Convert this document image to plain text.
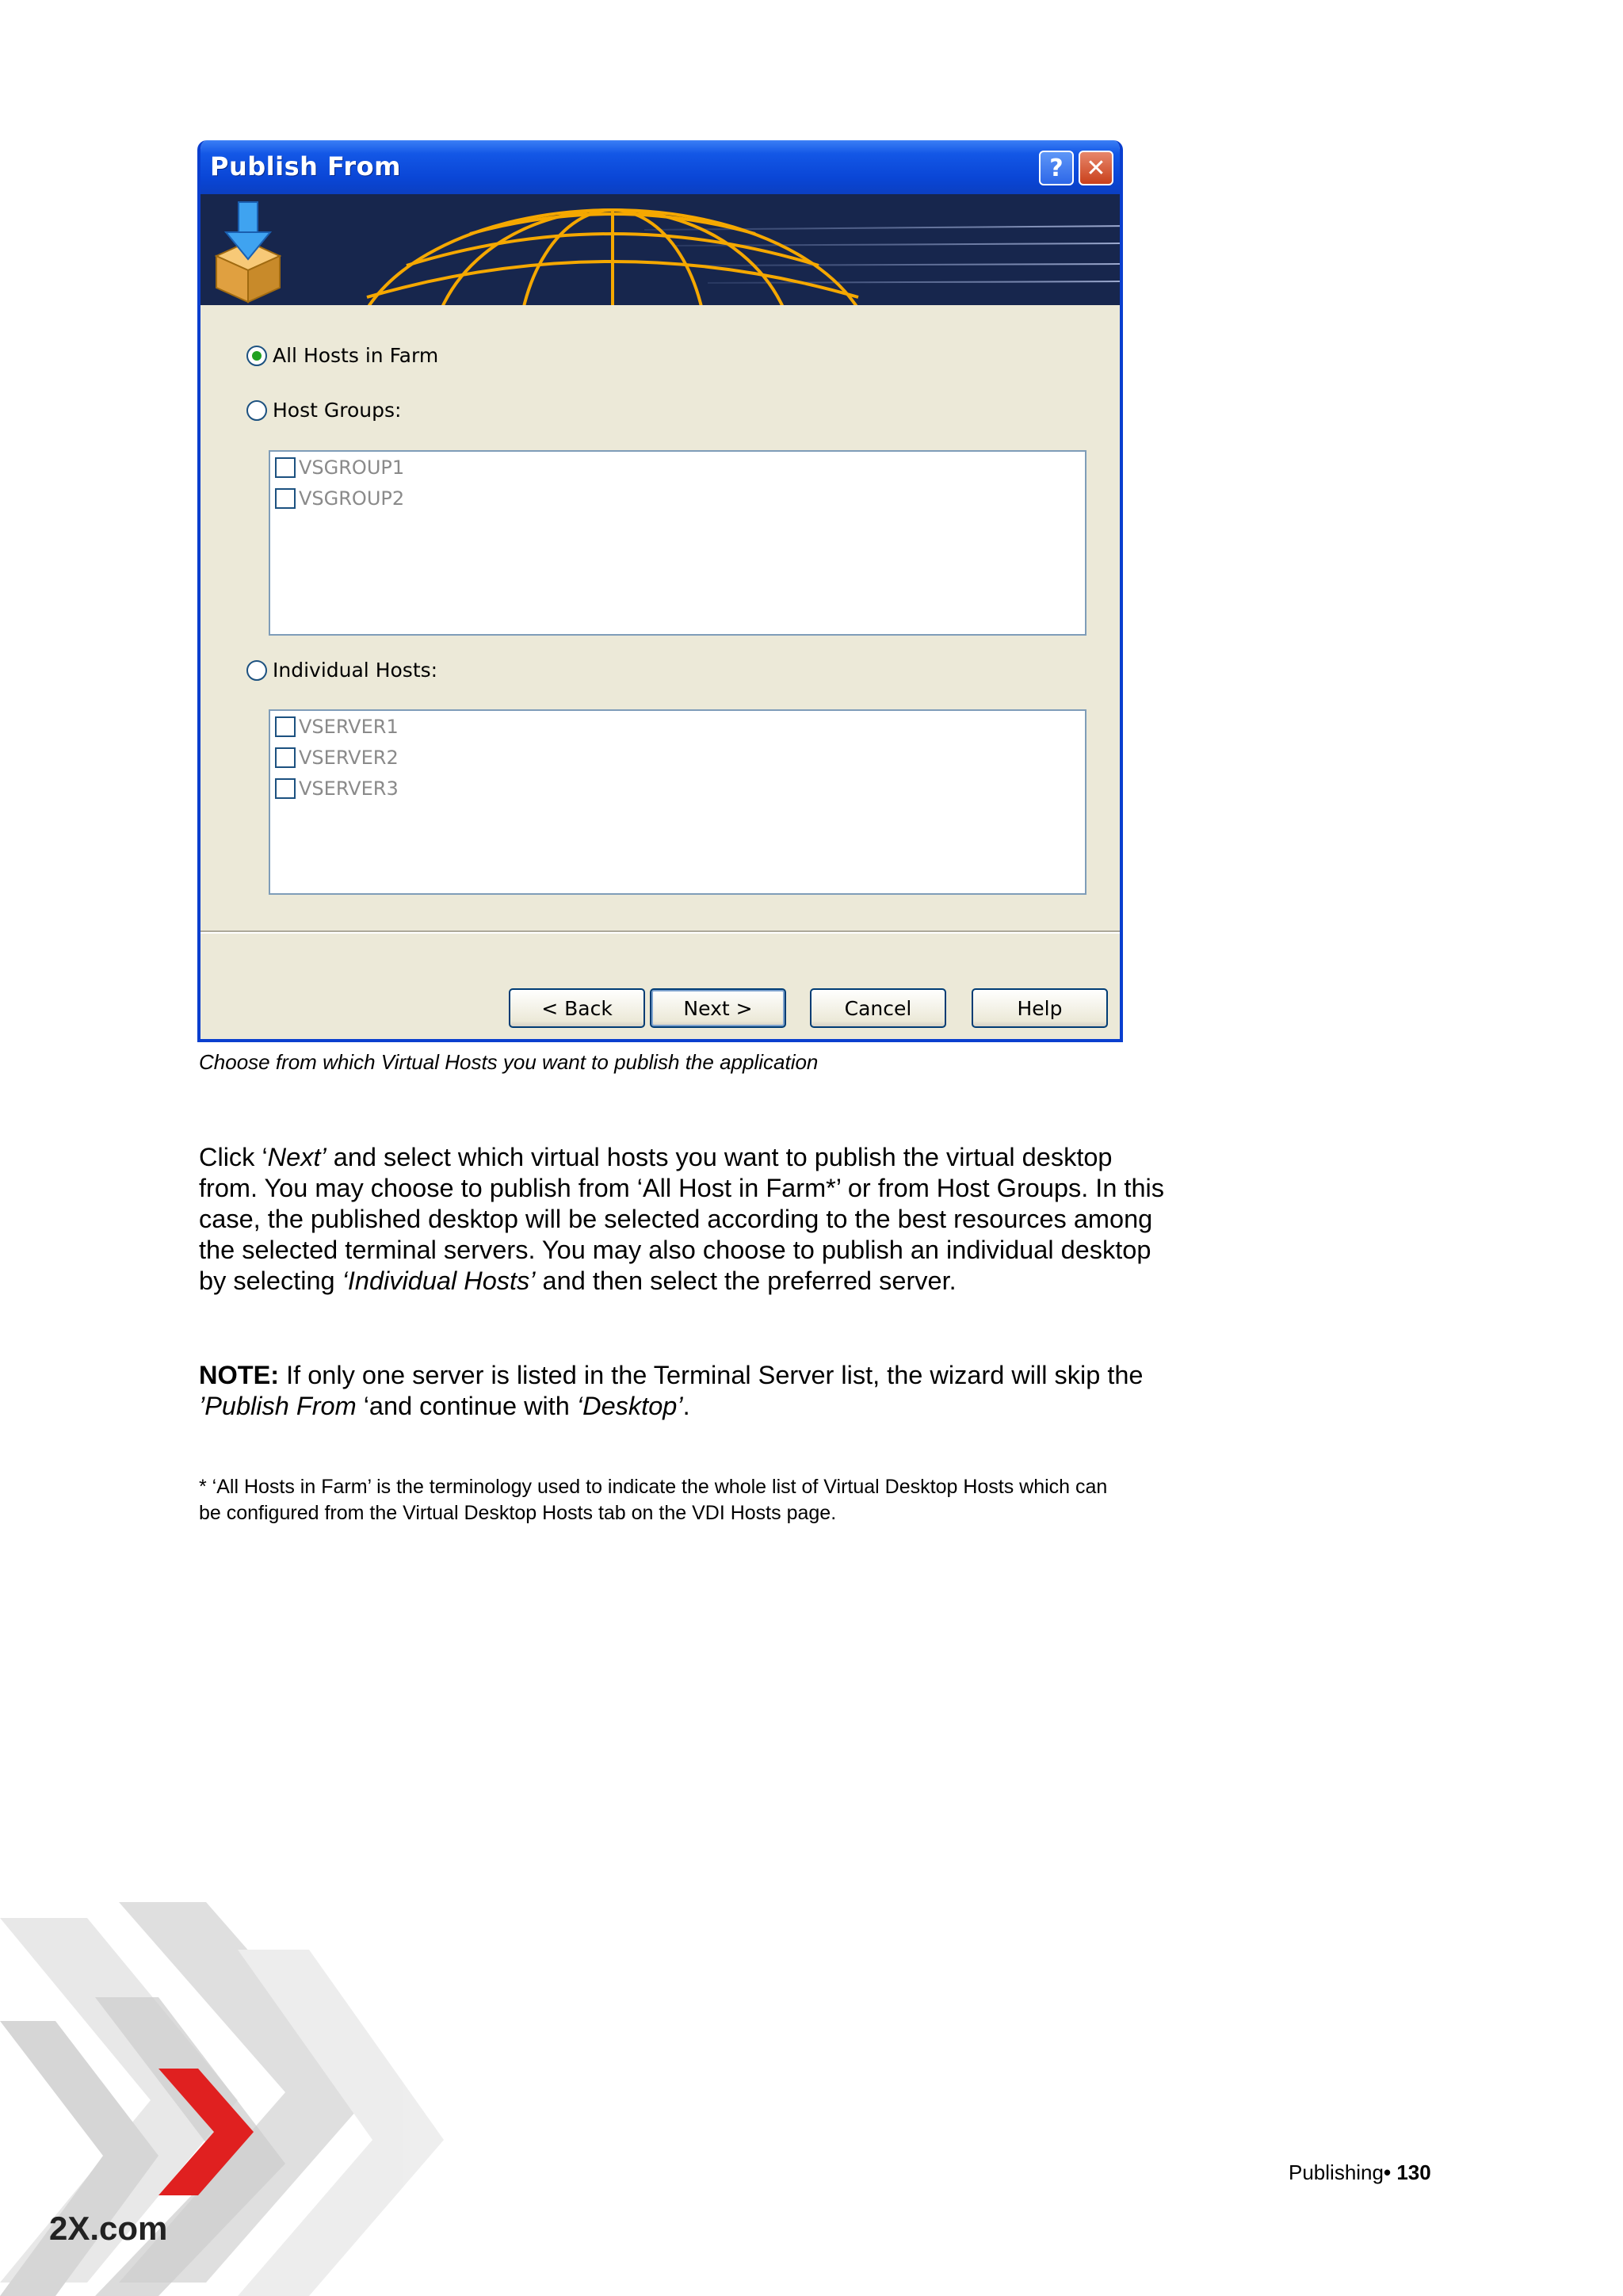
Publish From	? ✕
All Hosts in Farm
Host Groups:
VSGROUP1
VSGROUP2
Individual Hosts:
VSERVER1
VSERVER2
VSERVER3
< Back	Next >	Cancel	Help
Choose from which Virtual Hosts you want to publish the application
Click ‘Next’ and select which virtual hosts you want to publish the virtual desktop
from. You may choose to publish from ‘All Host in Farm*’ or from Host Groups. In this
case, the published desktop will be selected according to the best resources among
the selected terminal servers. You may also choose to publish an individual desktop
by selecting ‘Individual Hosts’ and then select the preferred server.
NOTE: If only one server is listed in the Terminal Server list, the wizard will skip the
’Publish From ‘and continue with ‘Desktop’.
* ‘All Hosts in Farm’ is the terminology used to indicate the whole list of Virtual Desktop Hosts which can
be configured from the Virtual Desktop Hosts tab on the VDI Hosts page.
Publishing• 130
2X.com
